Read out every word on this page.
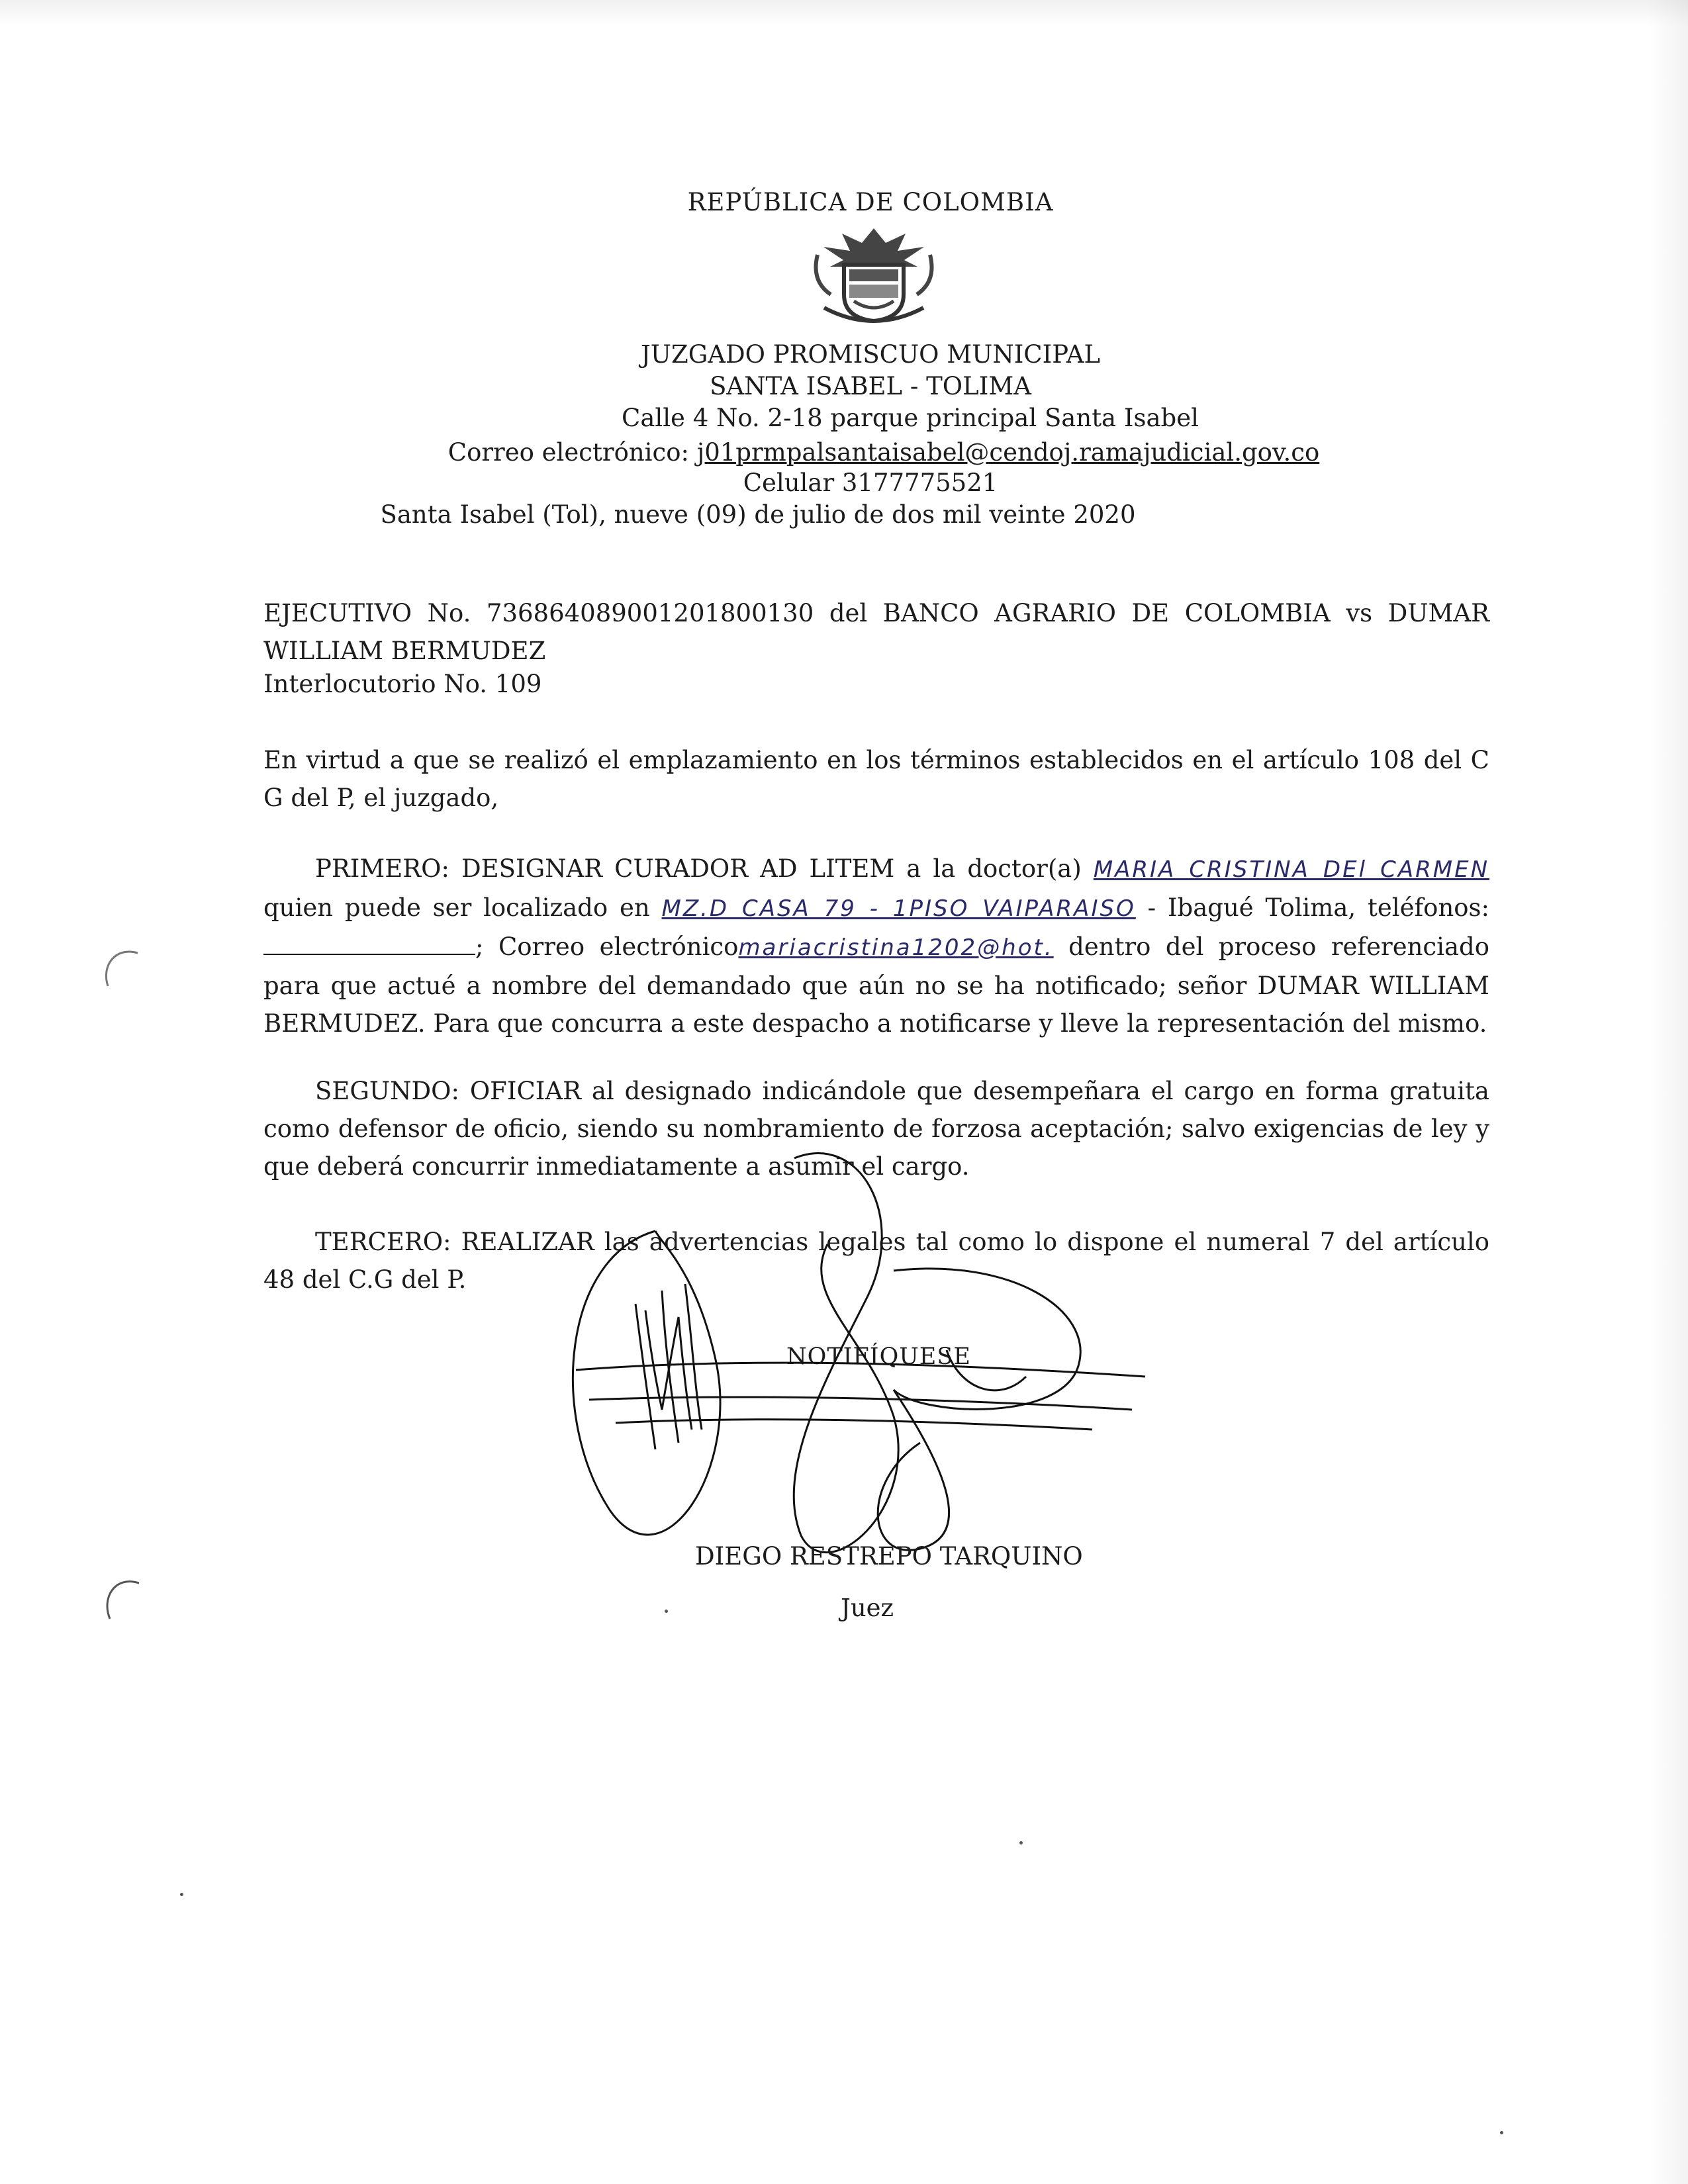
REPÚBLICA DE COLOMBIA
JUZGADO PROMISCUO MUNICIPAL
SANTA ISABEL - TOLIMA
Calle 4 No. 2-18 parque principal Santa Isabel
Correo electrónico: j01prmpalsantaisabel@cendoj.ramajudicial.gov.co
Celular 3177775521
Santa Isabel (Tol), nueve (09) de julio de dos mil veinte 2020
EJECUTIVO No. 73686408900120180013​0 del BANCO AGRARIO DE COLOMBIA vs DUMAR WILLIAM BERMUDEZ
Interlocutorio No. 109
En virtud a que se realizó el emplazamiento en los términos establecidos en el artículo 108 del C G del P, el juzgado,
PRIMERO: DESIGNAR CURADOR AD LITEM a la doctor(a) MARIA CRISTINA DEl CARMEN quien puede ser localizado en MZ.D CASA 79 - 1PISO VAIPARAISO - Ibagué Tolima, teléfonos: ; Correo electrónicomariacristina1202@hot. dentro del proceso referenciado para que actué a nombre del demandado que aún no se ha notificado; señor DUMAR WILLIAM BERMUDEZ. Para que concurra a este despacho a notificarse y lleve la representación del mismo.
SEGUNDO: OFICIAR al designado indicándole que desempeñara el cargo en forma gratuita como defensor de oficio, siendo su nombramiento de forzosa aceptación; salvo exigencias de ley y que deberá concurrir inmediatamente a asumir el cargo.
TERCERO: REALIZAR las advertencias legales tal como lo dispone el numeral 7 del artículo 48 del C.G del P.
NOTIFÍQUESE
DIEGO RESTREPO TARQUINO
Juez
